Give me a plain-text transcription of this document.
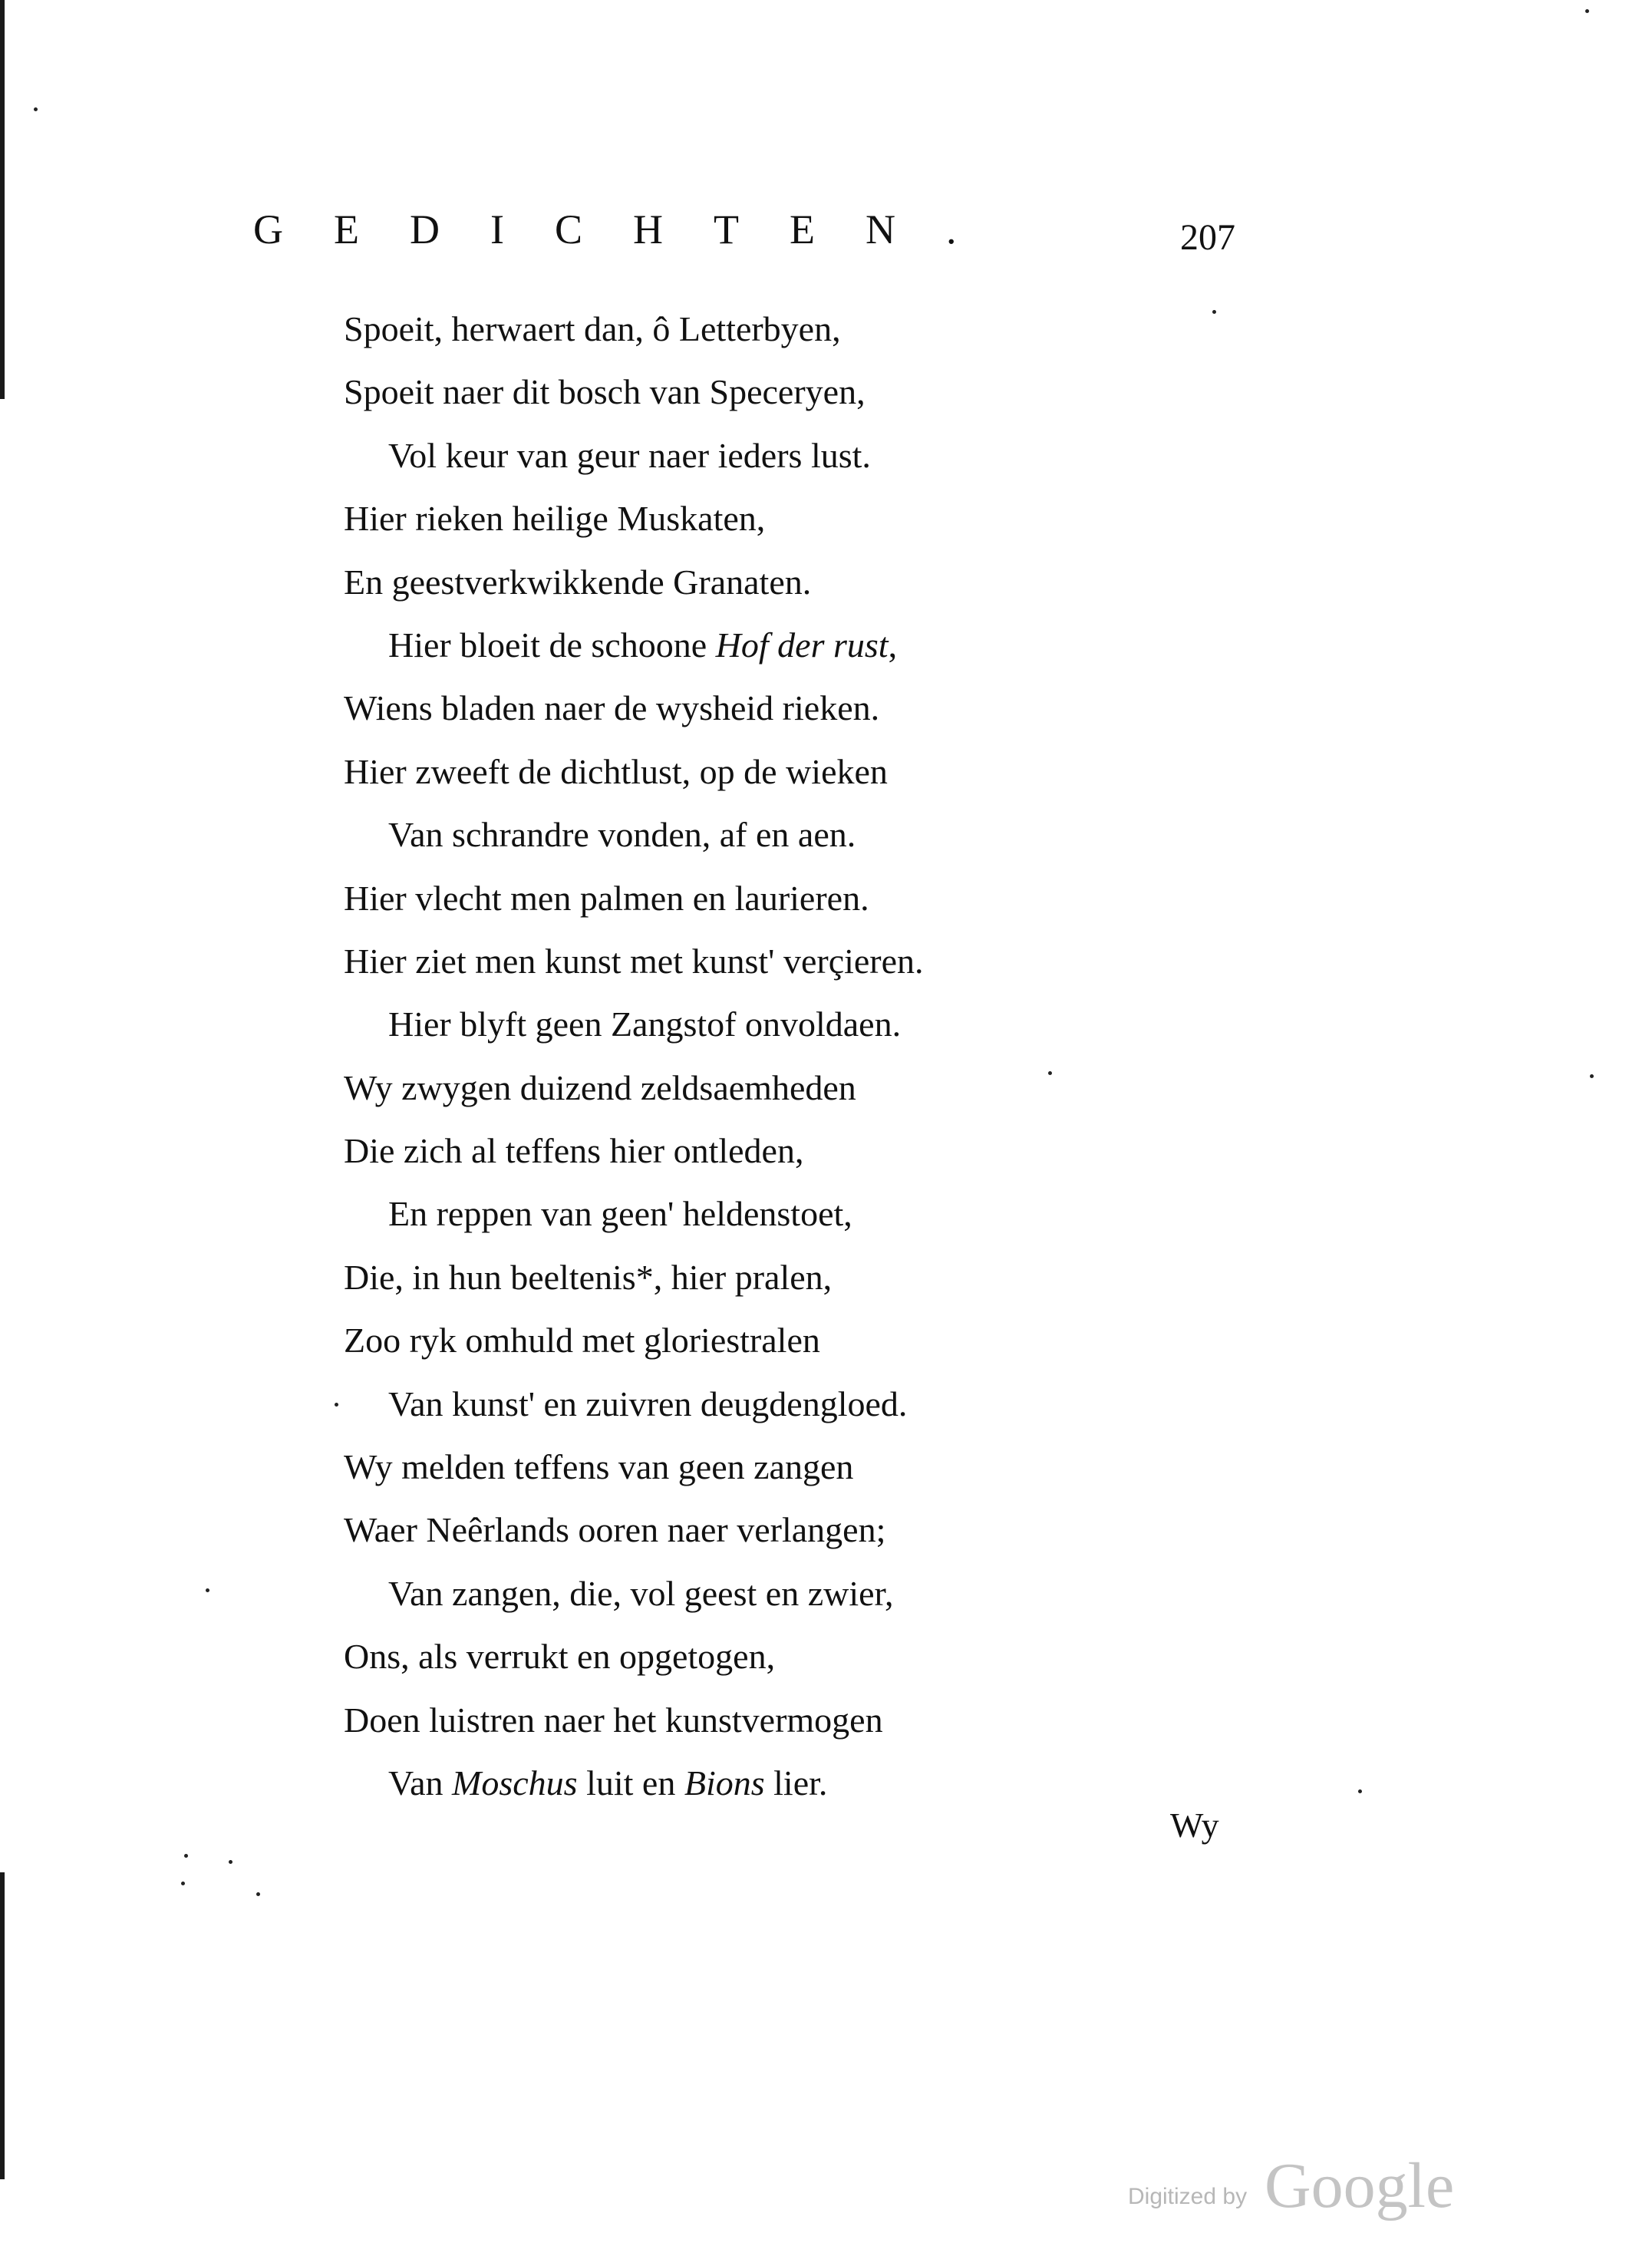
GEDICHTEN.	207
Spoeit, herwaert dan, ô Letterbyen,
Spoeit naer dit bosch van Speceryen,
Vol keur van geur naer ieders lust.
Hier rieken heilige Muskaten,
En geestverkwikkende Granaten.
Hier bloeit de schoone Hof der rust,
Wiens bladen naer de wysheid rieken.
Hier zweeft de dichtlust, op de wieken
Van schrandre vonden, af en aen.
Hier vlecht men palmen en laurieren.
Hier ziet men kunst met kunst' verçieren.
Hier blyft geen Zangstof onvoldaen.
Wy zwygen duizend zeldsaemheden
Die zich al teffens hier ontleden,
En reppen van geen' heldenstoet,
Die, in hun beeltenis*, hier pralen,
Zoo ryk omhuld met gloriestralen
Van kunst' en zuivren deugdengloed.
Wy melden teffens van geen zangen
Waer Neêrlands ooren naer verlangen;
Van zangen, die, vol geest en zwier,
Ons, als verrukt en opgetogen,
Doen luistren naer het kunstvermogen
Van Moschus luit en Bions lier.
Wy
Digitized by Google
